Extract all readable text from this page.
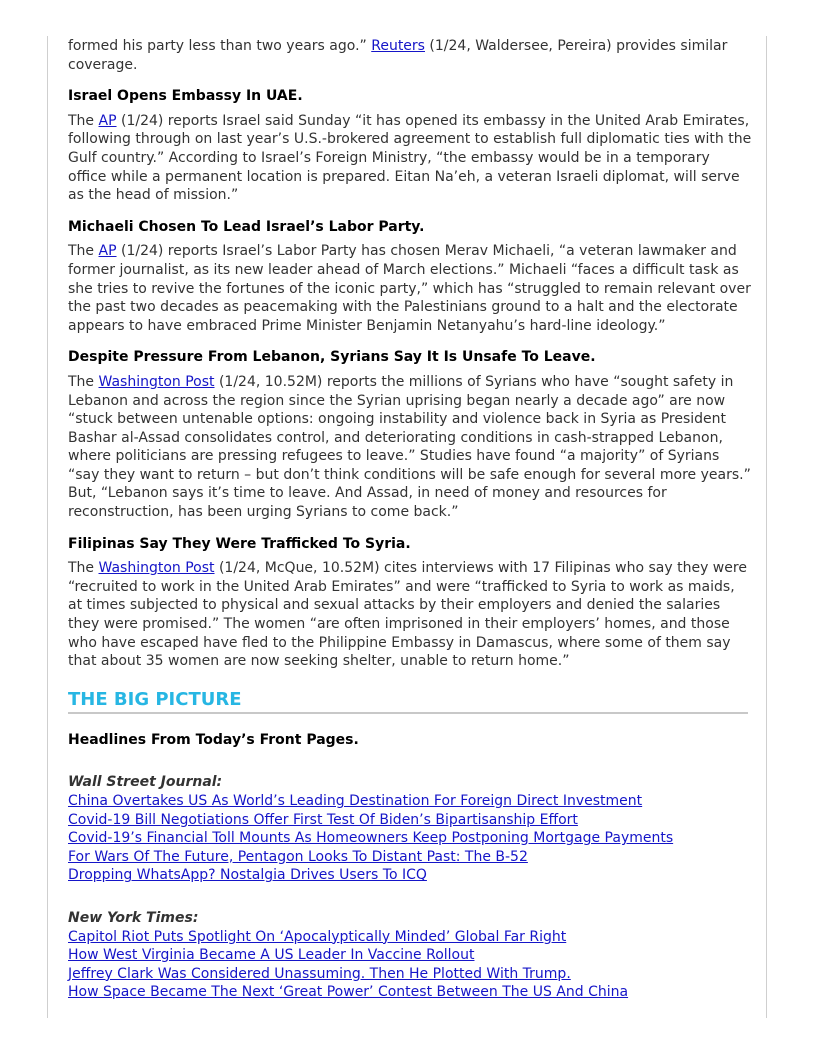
formed his party less than two years ago.” Reuters (1/24, Waldersee, Pereira) provides similar coverage.

Israel Opens Embassy In UAE.

The AP (1/24) reports Israel said Sunday “it has opened its embassy in the United Arab Emirates, following through on last year’s U.S.-brokered agreement to establish full diplomatic ties with the Gulf country.” According to Israel’s Foreign Ministry, “the embassy would be in a temporary office while a permanent location is prepared. Eitan Na’eh, a veteran Israeli diplomat, will serve as the head of mission.”

Michaeli Chosen To Lead Israel’s Labor Party.

The AP (1/24) reports Israel’s Labor Party has chosen Merav Michaeli, “a veteran lawmaker and former journalist, as its new leader ahead of March elections.” Michaeli “faces a difficult task as she tries to revive the fortunes of the iconic party,” which has “struggled to remain relevant over the past two decades as peacemaking with the Palestinians ground to a halt and the electorate appears to have embraced Prime Minister Benjamin Netanyahu’s hard-line ideology.”

Despite Pressure From Lebanon, Syrians Say It Is Unsafe To Leave.

The Washington Post (1/24, 10.52M) reports the millions of Syrians who have “sought safety in Lebanon and across the region since the Syrian uprising began nearly a decade ago” are now “stuck between untenable options: ongoing instability and violence back in Syria as President Bashar al-Assad consolidates control, and deteriorating conditions in cash-strapped Lebanon, where politicians are pressing refugees to leave.” Studies have found “a majority” of Syrians “say they want to return – but don’t think conditions will be safe enough for several more years.” But, “Lebanon says it’s time to leave. And Assad, in need of money and resources for reconstruction, has been urging Syrians to come back.”

Filipinas Say They Were Trafficked To Syria.

The Washington Post (1/24, McQue, 10.52M) cites interviews with 17 Filipinas who say they were “recruited to work in the United Arab Emirates” and were “trafficked to Syria to work as maids, at times subjected to physical and sexual attacks by their employers and denied the salaries they were promised.” The women “are often imprisoned in their employers’ homes, and those who have escaped have fled to the Philippine Embassy in Damascus, where some of them say that about 35 women are now seeking shelter, unable to return home.”

THE BIG PICTURE
Headlines From Today’s Front Pages.
Wall Street Journal:
China Overtakes US As World’s Leading Destination For Foreign Direct Investment
Covid-19 Bill Negotiations Offer First Test Of Biden’s Bipartisanship Effort
Covid-19’s Financial Toll Mounts As Homeowners Keep Postponing Mortgage Payments
For Wars Of The Future, Pentagon Looks To Distant Past: The B-52
Dropping WhatsApp? Nostalgia Drives Users To ICQ
New York Times:
Capitol Riot Puts Spotlight On ‘Apocalyptically Minded’ Global Far Right
How West Virginia Became A US Leader In Vaccine Rollout
Jeffrey Clark Was Considered Unassuming. Then He Plotted With Trump.
How Space Became The Next ‘Great Power’ Contest Between The US And China
